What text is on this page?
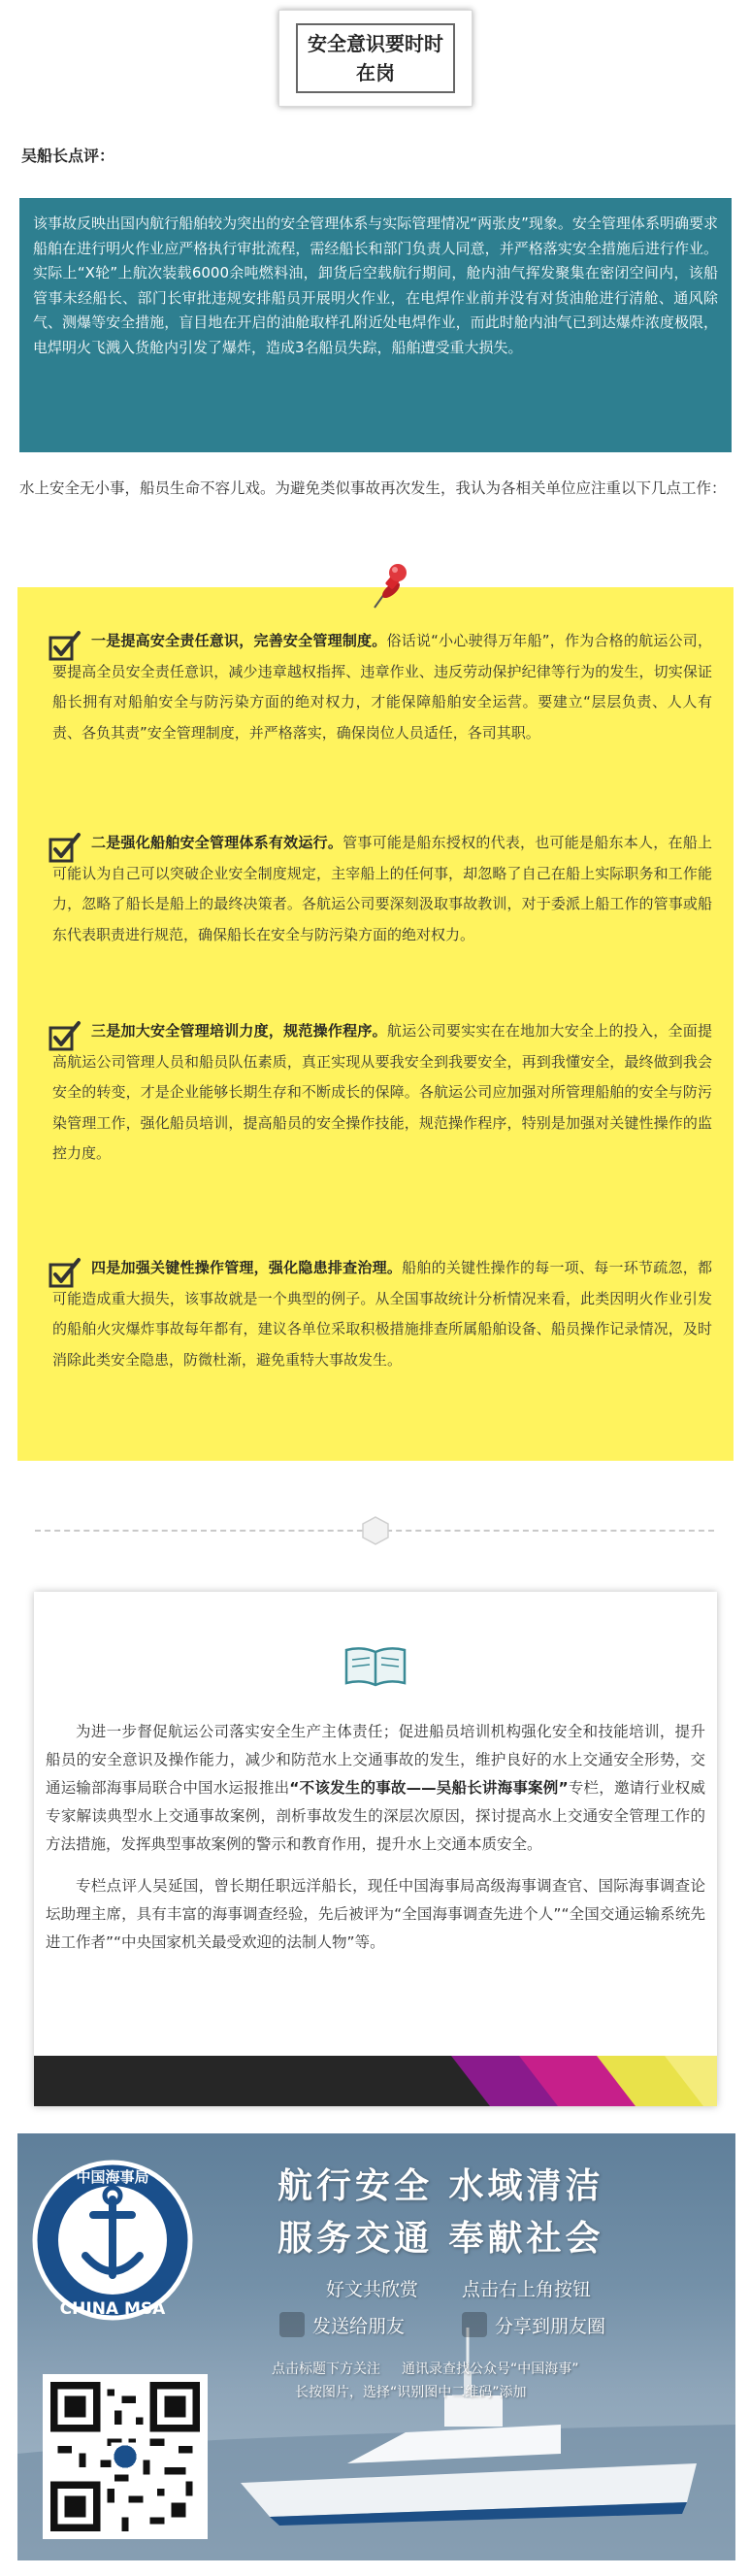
安全意识要时时在岗
吴船长点评：
该事故反映出国内航行船舶较为突出的安全管理体系与实际管理情况“两张皮”现象。安全管理体系明确要求船舶在进行明火作业应严格执行审批流程，需经船长和部门负责人同意，并严格落实安全措施后进行作业。实际上“X轮”上航次装载6000余吨燃料油，卸货后空载航行期间，舱内油气挥发聚集在密闭空间内，该船管事未经船长、部门长审批违规安排船员开展明火作业，在电焊作业前并没有对货油舱进行清舱、通风除气、测爆等安全措施，盲目地在开启的油舱取样孔附近处电焊作业，而此时舱内油气已到达爆炸浓度极限，电焊明火飞溅入货舱内引发了爆炸，造成3名船员失踪，船舶遭受重大损失。
水上安全无小事，船员生命不容儿戏。为避免类似事故再次发生，我认为各相关单位应注重以下几点工作：

一是提高安全责任意识，完善安全管理制度。俗话说“小心驶得万年船”，作为合格的航运公司，要提高全员安全责任意识，减少违章越权指挥、违章作业、违反劳动保护纪律等行为的发生，切实保证船长拥有对船舶安全与防污染方面的绝对权力，才能保障船舶安全运营。要建立“层层负责、人人有责、各负其责”安全管理制度，并严格落实，确保岗位人员适任，各司其职。

二是强化船舶安全管理体系有效运行。管事可能是船东授权的代表，也可能是船东本人，在船上可能认为自己可以突破企业安全制度规定，主宰船上的任何事，却忽略了自己在船上实际职务和工作能力，忽略了船长是船上的最终决策者。各航运公司要深刻汲取事故教训，对于委派上船工作的管事或船东代表职责进行规范，确保船长在安全与防污染方面的绝对权力。

三是加大安全管理培训力度，规范操作程序。航运公司要实实在在地加大安全上的投入，全面提高航运公司管理人员和船员队伍素质，真正实现从要我安全到我要安全，再到我懂安全，最终做到我会安全的转变，才是企业能够长期生存和不断成长的保障。各航运公司应加强对所管理船舶的安全与防污染管理工作，强化船员培训，提高船员的安全操作技能，规范操作程序，特别是加强对关键性操作的监控力度。

四是加强关键性操作管理，强化隐患排查治理。船舶的关键性操作的每一项、每一环节疏忽，都可能造成重大损失，该事故就是一个典型的例子。从全国事故统计分析情况来看，此类因明火作业引发的船舶火灾爆炸事故每年都有，建议各单位采取积极措施排查所属船舶设备、船员操作记录情况，及时消除此类安全隐患，防微杜渐，避免重特大事故发生。

为进一步督促航运公司落实安全生产主体责任；促进船员培训机构强化安全和技能培训，提升船员的安全意识及操作能力，减少和防范水上交通事故的发生，维护良好的水上交通安全形势，交通运输部海事局联合中国水运报推出“不该发生的事故——吴船长讲海事案例”专栏，邀请行业权威专家解读典型水上交通事故案例，剖析事故发生的深层次原因，探讨提高水上交通安全管理工作的方法措施，发挥典型事故案例的警示和教育作用，提升水上交通本质安全。

专栏点评人吴延国，曾长期任职远洋船长，现任中国海事局高级海事调查官、国际海事调查论坛助理主席，具有丰富的海事调查经验，先后被评为“全国海事调查先进个人”“全国交通运输系统先进工作者”“中央国家机关最受欢迎的法制人物”等。

中国海事局
CHINA MSA
航行安全 水域清洁
服务交通 奉献社会
好文共欣赏 点击右上角按钮
发送给朋友	分享到朋友圈
点击标题下方关注 通讯录查找公众号“中国海事”
长按图片，选择“识别图中二维码”添加
